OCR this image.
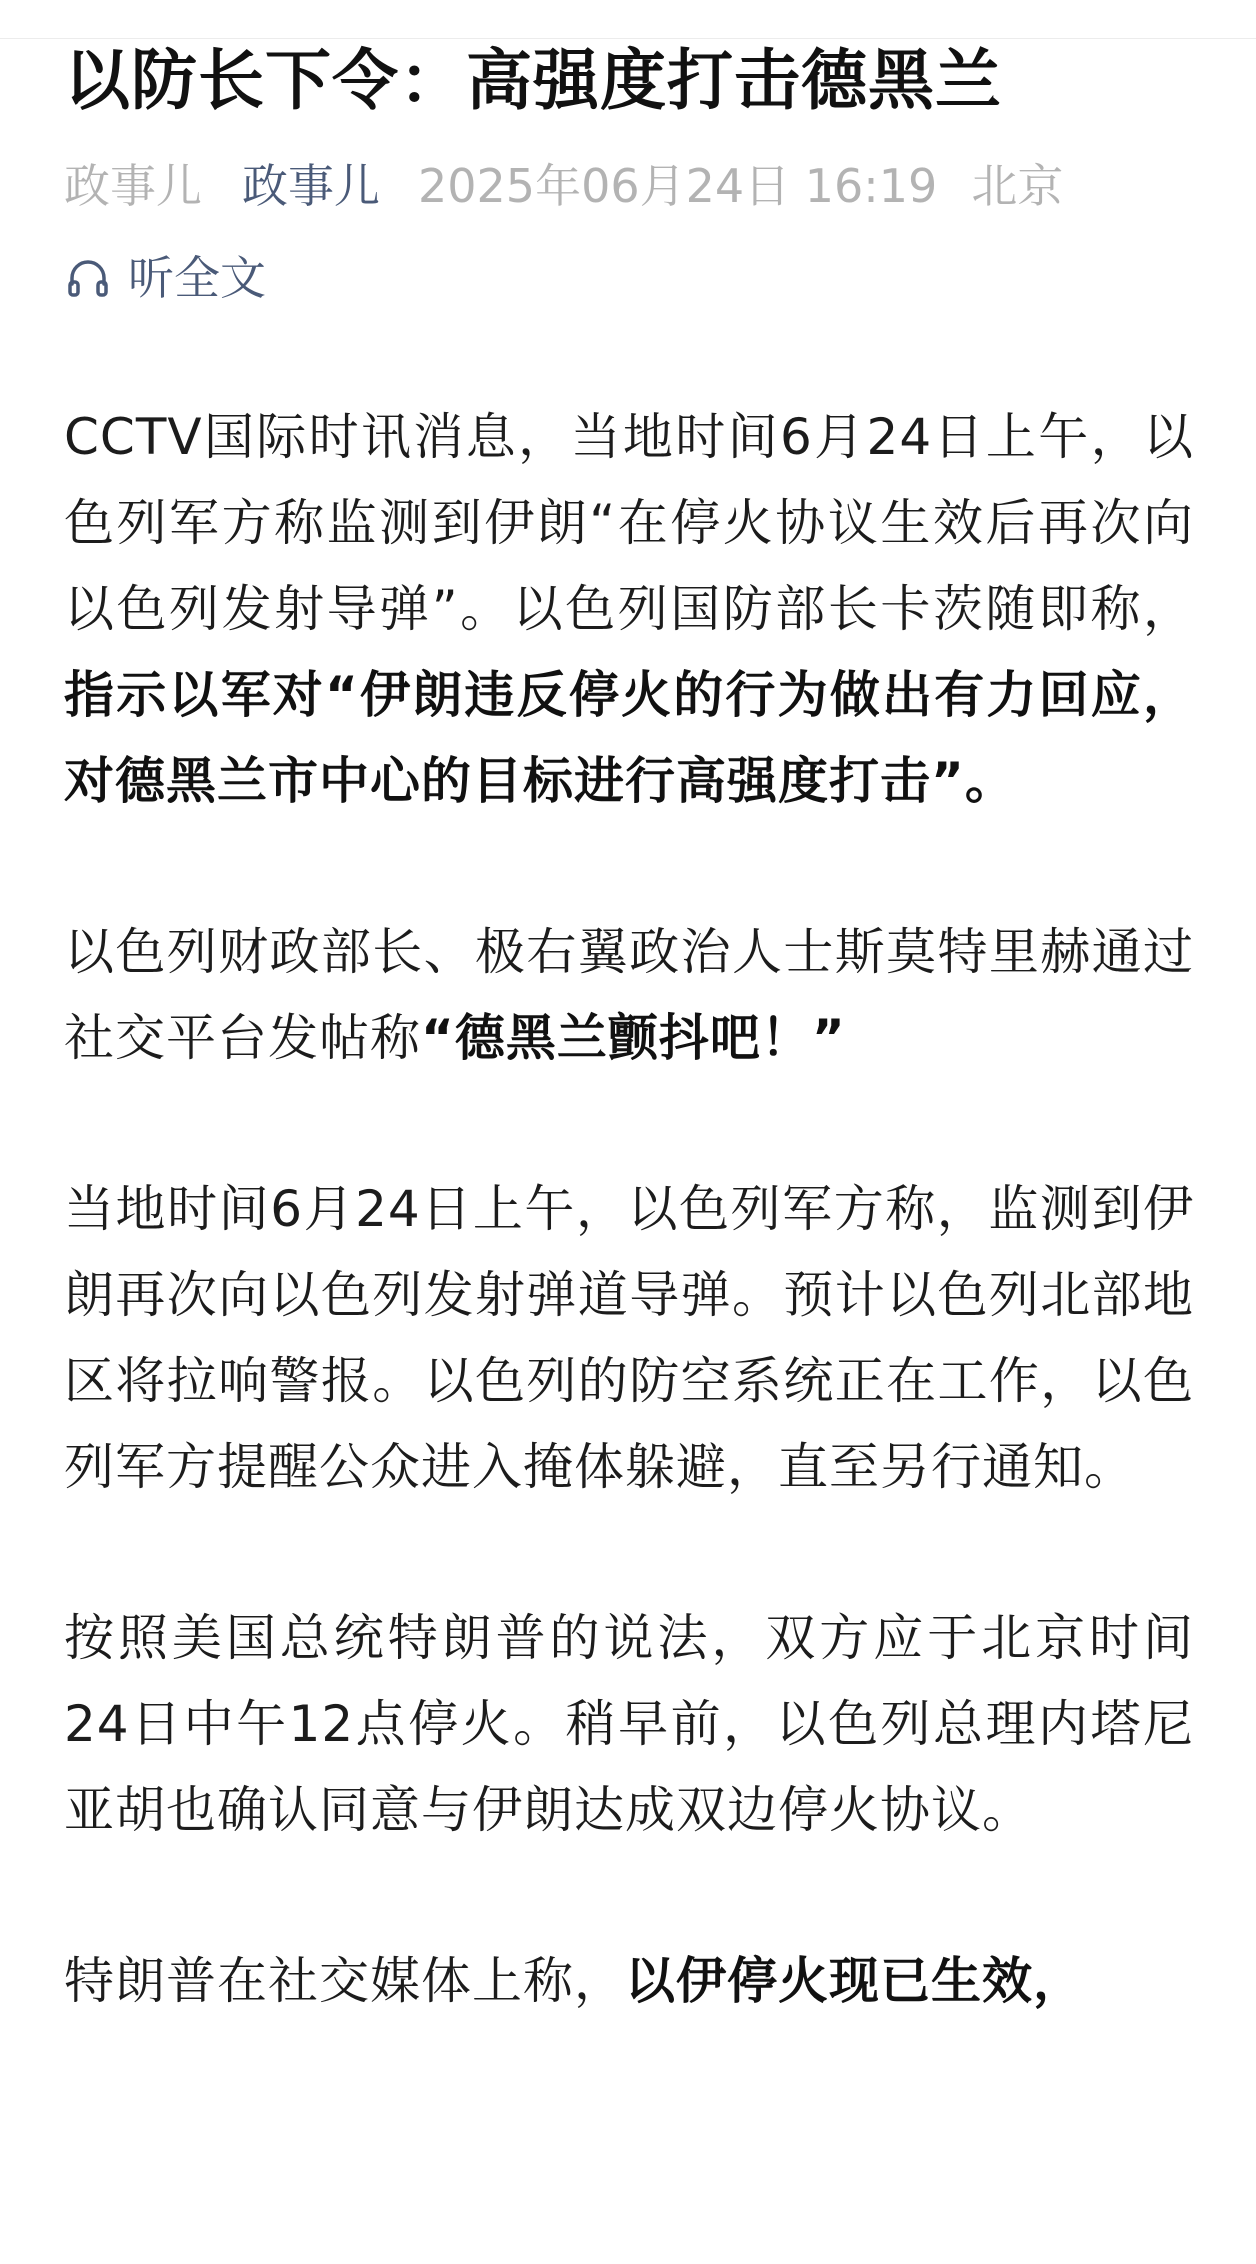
以防长下令：高强度打击德黑兰
政事儿 政事儿 2025年06月24日 16:19 北京
听全文

CCTV国际时讯消息，当地时间6月24日上午，以色列军方称监测到伊朗“在停火协议生效后再次向以色列发射导弹”。以色列国防部长卡茨随即称，指示以军对“伊朗违反停火的行为做出有力回应，对德黑兰市中心的目标进行高强度打击”。

以色列财政部长、极右翼政治人士斯莫特里赫通过社交平台发帖称“德黑兰颤抖吧！”

当地时间6月24日上午，以色列军方称，监测到伊朗再次向以色列发射弹道导弹。预计以色列北部地区将拉响警报。以色列的防空系统正在工作，以色列军方提醒公众进入掩体躲避，直至另行通知。

按照美国总统特朗普的说法，双方应于北京时间24日中午12点停火。稍早前，以色列总理内塔尼亚胡也确认同意与伊朗达成双边停火协议。

特朗普在社交媒体上称，以伊停火现已生效，
